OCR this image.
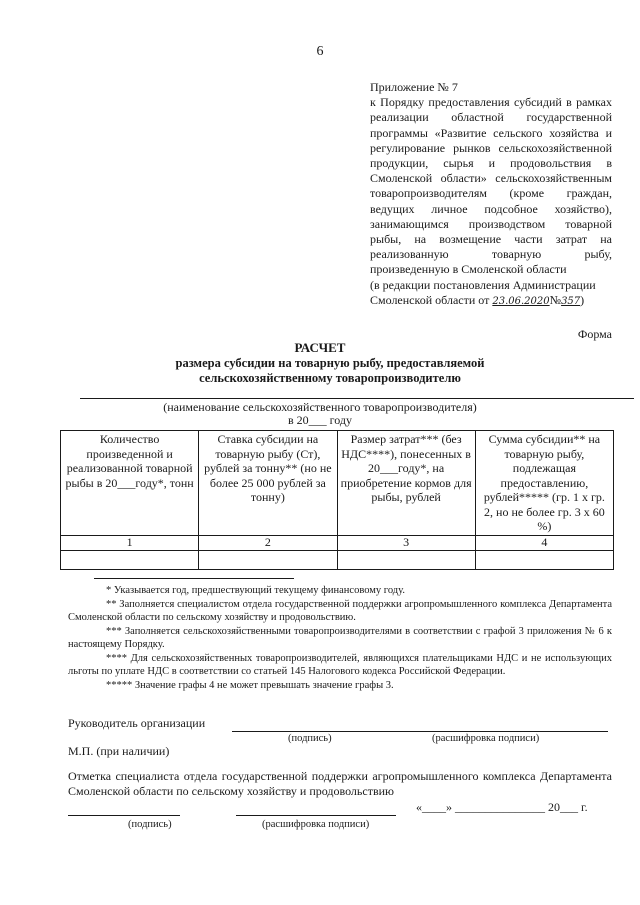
6
Приложение № 7
к Порядку предоставления субсидий в рамках реализации областной государственной программы «Развитие сельского хозяйства и регулирование рынков сельскохозяйственной продукции, сырья и продовольствия в Смоленской области» сельскохозяйственным товаропроизводителям (кроме граждан, ведущих личное подсобное хозяйство), занимающимся производством товарной рыбы, на возмещение части затрат на реализованную товарную рыбу, произведенную в Смоленской области
(в редакции постановления Администрации Смоленской области от 23.06.2020№357)
Форма
РАСЧЕТ
размера субсидии на товарную рыбу, предоставляемой сельскохозяйственному товаропроизводителю
(наименование сельскохозяйственного товаропроизводителя)
в 20___ году
Количество произведенной и реализованной товарной рыбы в 20___году*, тонн	Ставка субсидии на товарную рыбу (Ст), рублей за тонну** (но не более 25 000 рублей за тонну)	Размер затрат*** (без НДС****), понесенных в 20___году*, на приобретение кормов для рыбы, рублей	Сумма субсидии** на товарную рыбу, подлежащая предоставлению, рублей***** (гр. 1 х гр. 2, но не более гр. 3 х 60 %)
1	2	3	4

* Указывается год, предшествующий текущему финансовому году.
** Заполняется специалистом отдела государственной поддержки агропромышленного комплекса Департамента Смоленской области по сельскому хозяйству и продовольствию.
*** Заполняется сельскохозяйственными товаропроизводителями в соответствии с графой 3 приложения № 6 к настоящему Порядку.
**** Для сельскохозяйственных товаропроизводителей, являющихся плательщиками НДС и не использующих льготы по уплате НДС в соответствии со статьей 145 Налогового кодекса Российской Федерации.
***** Значение графы 4 не может превышать значение графы 3.
Руководитель организации
(подпись)	(расшифровка подписи)
М.П. (при наличии)
Отметка специалиста отдела государственной поддержки агропромышленного комплекса Департамента Смоленской области по сельскому хозяйству и продовольствию
«____» _______________ 20___ г.
(подпись)	(расшифровка подписи)
